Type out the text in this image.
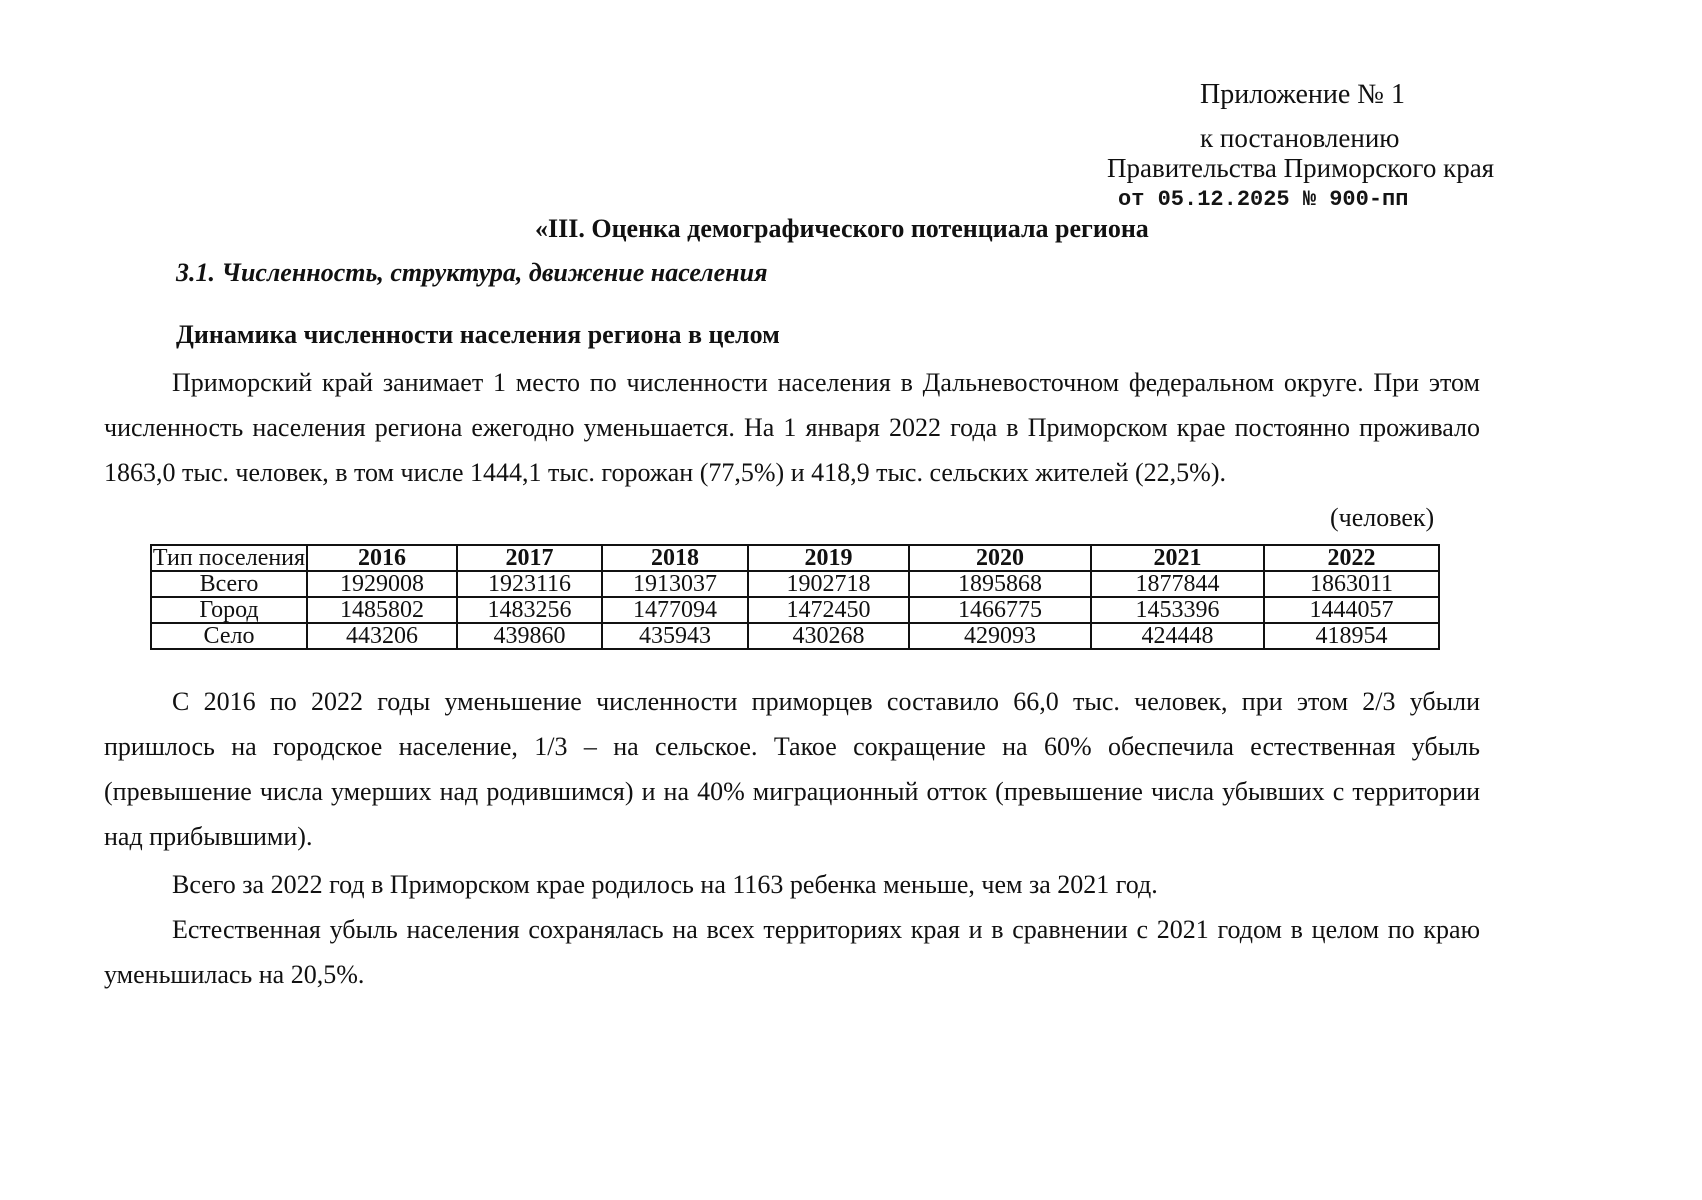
Приложение № 1
к постановлению
Правительства Приморского края
от 05.12.2025 № 900-пп
«III. Оценка демографического потенциала региона
3.1. Численность, структура, движение населения
Динамика численности населения региона в целом

Приморский край занимает 1 место по численности населения в Дальневосточном федеральном округе. При этом численность населения региона ежегодно уменьшается. На 1 января 2022 года в Приморском крае постоянно проживало 1863,0 тыс. человек, в том числе 1444,1 тыс. горожан (77,5%) и 418,9 тыс. сельских жителей (22,5%).

(человек)
Тип поселения	2016	2017	2018	2019	2020	2021	2022
Всего	1929008	1923116	1913037	1902718	1895868	1877844	1863011
Город	1485802	1483256	1477094	1472450	1466775	1453396	1444057
Село	443206	439860	435943	430268	429093	424448	418954

С 2016 по 2022 годы уменьшение численности приморцев составило 66,0 тыс. человек, при этом 2/3 убыли пришлось на городское население, 1/3 – на сельское. Такое сокращение на 60% обеспечила естественная убыль (превышение числа умерших над родившимся) и на 40% миграционный отток (превышение числа убывших с территории над прибывшими).

Всего за 2022 год в Приморском крае родилось на 1163 ребенка меньше, чем за 2021 год.

Естественная убыль населения сохранялась на всех территориях края и в сравнении с 2021 годом в целом по краю уменьшилась на 20,5%.
